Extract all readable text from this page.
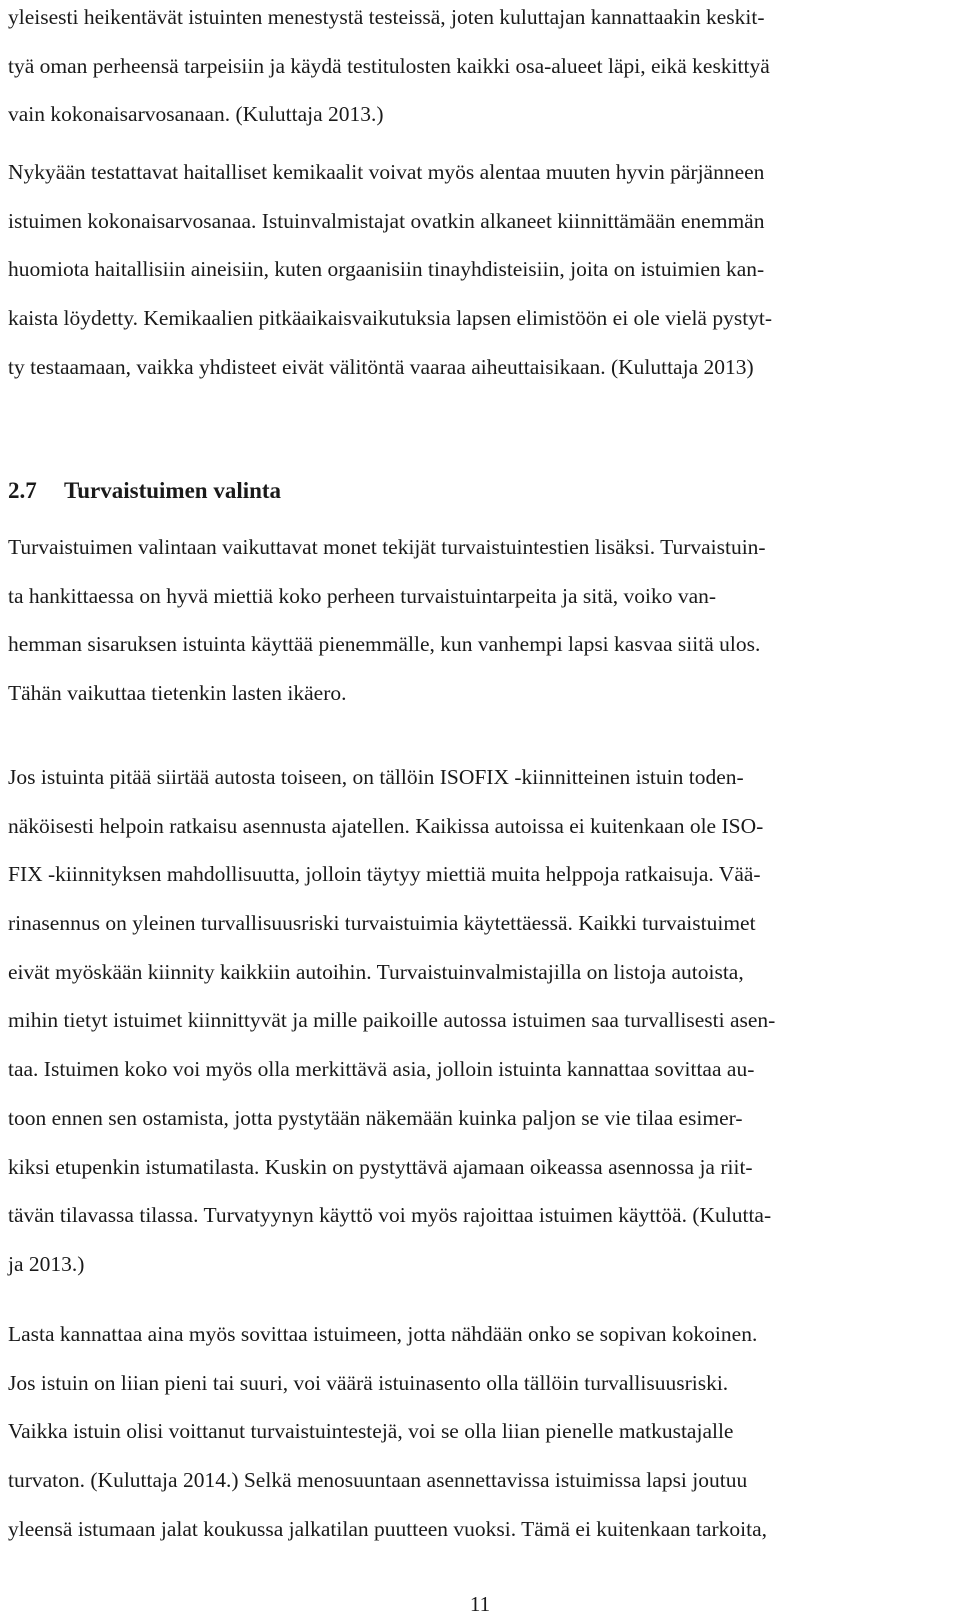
yleisesti heikentävät istuinten menestystä testeissä, joten kuluttajan kannattaakin keskit-
tyä oman perheensä tarpeisiin ja käydä testitulosten kaikki osa-alueet läpi, eikä keskittyä
vain kokonaisarvosanaan. (Kuluttaja 2013.)
Nykyään testattavat haitalliset kemikaalit voivat myös alentaa muuten hyvin pärjänneen
istuimen kokonaisarvosanaa. Istuinvalmistajat ovatkin alkaneet kiinnittämään enemmän
huomiota haitallisiin aineisiin, kuten orgaanisiin tinayhdisteisiin, joita on istuimien kan-
kaista löydetty. Kemikaalien pitkäaikaisvaikutuksia lapsen elimistöön ei ole vielä pystyt-
ty testaamaan, vaikka yhdisteet eivät välitöntä vaaraa aiheuttaisikaan. (Kuluttaja 2013)
2.7 Turvaistuimen valinta
Turvaistuimen valintaan vaikuttavat monet tekijät turvaistuintestien lisäksi. Turvaistuin-
ta hankittaessa on hyvä miettiä koko perheen turvaistuintarpeita ja sitä, voiko van-
hemman sisaruksen istuinta käyttää pienemmälle, kun vanhempi lapsi kasvaa siitä ulos.
Tähän vaikuttaa tietenkin lasten ikäero.
Jos istuinta pitää siirtää autosta toiseen, on tällöin ISOFIX -kiinnitteinen istuin toden-
näköisesti helpoin ratkaisu asennusta ajatellen. Kaikissa autoissa ei kuitenkaan ole ISO-
FIX -kiinnityksen mahdollisuutta, jolloin täytyy miettiä muita helppoja ratkaisuja. Vää-
rinasennus on yleinen turvallisuusriski turvaistuimia käytettäessä. Kaikki turvaistuimet
eivät myöskään kiinnity kaikkiin autoihin. Turvaistuinvalmistajilla on listoja autoista,
mihin tietyt istuimet kiinnittyvät ja mille paikoille autossa istuimen saa turvallisesti asen-
taa. Istuimen koko voi myös olla merkittävä asia, jolloin istuinta kannattaa sovittaa au-
toon ennen sen ostamista, jotta pystytään näkemään kuinka paljon se vie tilaa esimer-
kiksi etupenkin istumatilasta. Kuskin on pystyttävä ajamaan oikeassa asennossa ja riit-
tävän tilavassa tilassa. Turvatyynyn käyttö voi myös rajoittaa istuimen käyttöä. (Kulutta-
ja 2013.)
Lasta kannattaa aina myös sovittaa istuimeen, jotta nähdään onko se sopivan kokoinen.
Jos istuin on liian pieni tai suuri, voi väärä istuinasento olla tällöin turvallisuusriski.
Vaikka istuin olisi voittanut turvaistuintestejä, voi se olla liian pienelle matkustajalle
turvaton. (Kuluttaja 2014.) Selkä menosuuntaan asennettavissa istuimissa lapsi joutuu
yleensä istumaan jalat koukussa jalkatilan puutteen vuoksi. Tämä ei kuitenkaan tarkoita,
11
